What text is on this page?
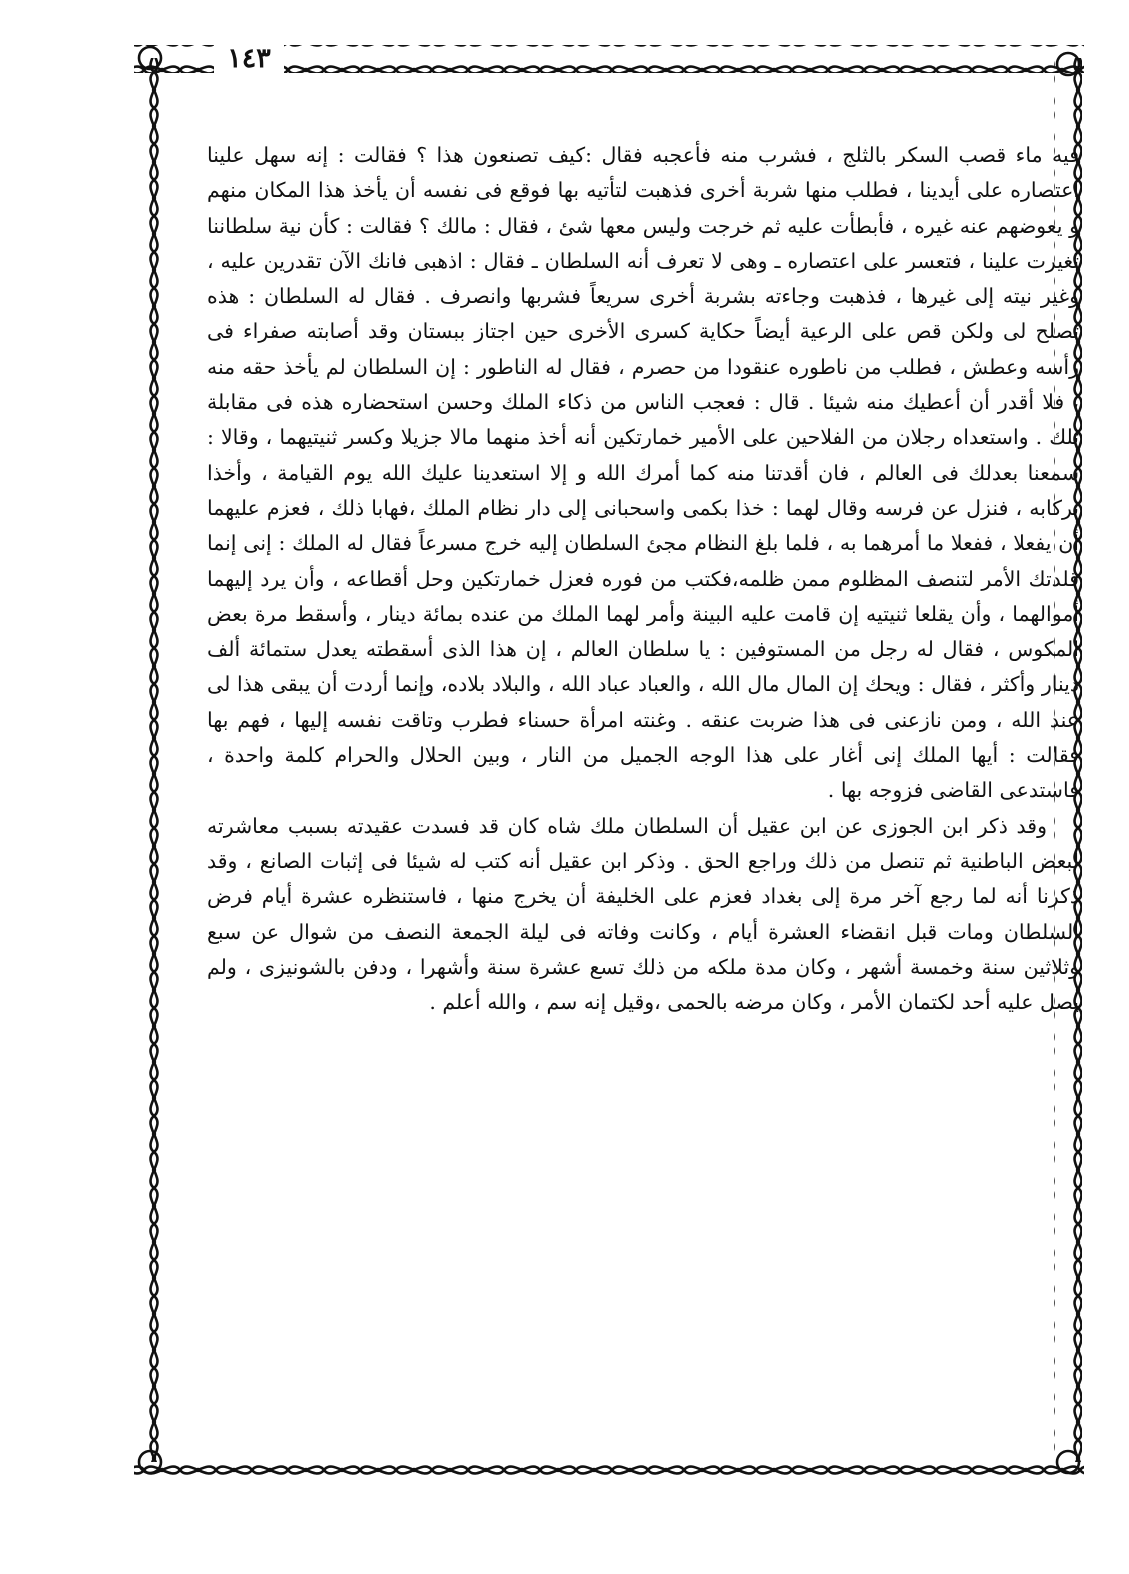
١٤٣

فيه ماء قصب السكر بالثلج ، فشرب منه فأعجبه فقال :كيف تصنعون هذا ؟ فقالت : إنه سهل علينا اعتصاره على أيدينا ، فطلب منها شربة أخرى فذهبت لتأتيه بها فوقع فى نفسه أن يأخذ هذا المكان منهم و يعوضهم عنه غيره ، فأبطأت عليه ثم خرجت وليس معها شئ ، فقال : مالك ؟ فقالت : كأن نية سلطاننا تغيرت علينا ، فتعسر على اعتصاره ـ وهى لا تعرف أنه السلطان ـ فقال : اذهبى فانك الآن تقدرين عليه ، وغير نيته إلى غيرها ، فذهبت وجاءته بشربة أخرى سريعاً فشربها وانصرف . فقال له السلطان : هذه تصلح لى ولكن قص على الرعية أيضاً حكاية كسرى الأخرى حين اجتاز ببستان وقد أصابته صفراء فى رأسه وعطش ، فطلب من ناطوره عنقودا من حصرم ، فقال له الناطور : إن السلطان لم يأخذ حقه منه ، فلا أقدر أن أعطيك منه شيئا . قال : فعجب الناس من ذكاء الملك وحسن استحضاره هذه فى مقابلة تلك . واستعداه رجلان من الفلاحين على الأمير خمارتكين أنه أخذ منهما مالا جزيلا وكسر ثنيتيهما ، وقالا : سمعنا بعدلك فى العالم ، فان أقدتنا منه كما أمرك الله و إلا استعدينا عليك الله يوم القيامة ، وأخذا بركابه ، فنزل عن فرسه وقال لهما : خذا بكمى واسحبانى إلى دار نظام الملك ،فهابا ذلك ، فعزم عليهما أن يفعلا ، ففعلا ما أمرهما به ، فلما بلغ النظام مجئ السلطان إليه خرج مسرعاً فقال له الملك : إنى إنما قلدتك الأمر لتنصف المظلوم ممن ظلمه،فكتب من فوره فعزل خمارتكين وحل أقطاعه ، وأن يرد إليهما أموالهما ، وأن يقلعا ثنيتيه إن قامت عليه البينة وأمر لهما الملك من عنده بمائة دينار ، وأسقط مرة بعض المكوس ، فقال له رجل من المستوفين : يا سلطان العالم ، إن هذا الذى أسقطته يعدل ستمائة ألف دينار وأكثر ، فقال : ويحك إن المال مال الله ، والعباد عباد الله ، والبلاد بلاده، وإنما أردت أن يبقى هذا لى عند الله ، ومن نازعنى فى هذا ضربت عنقه . وغنته امرأة حسناء فطرب وتاقت نفسه إليها ، فهم بها فقالت : أيها الملك إنى أغار على هذا الوجه الجميل من النار ، وبين الحلال والحرام كلمة واحدة ، فاستدعى القاضى فزوجه بها .

وقد ذكر ابن الجوزى عن ابن عقيل أن السلطان ملك شاه كان قد فسدت عقيدته بسبب معاشرته لبعض الباطنية ثم تنصل من ذلك وراجع الحق . وذكر ابن عقيل أنه كتب له شيئا فى إثبات الصانع ، وقد ذكرنا أنه لما رجع آخر مرة إلى بغداد فعزم على الخليفة أن يخرج منها ، فاستنظره عشرة أيام فرض السلطان ومات قبل انقضاء العشرة أيام ، وكانت وفاته فى ليلة الجمعة النصف من شوال عن سبع وثلاثين سنة وخمسة أشهر ، وكان مدة ملكه من ذلك تسع عشرة سنة وأشهرا ، ودفن بالشونيزى ، ولم يصل عليه أحد لكتمان الأمر ، وكان مرضه بالحمى ،وقيل إنه سم ، والله أعلم .
